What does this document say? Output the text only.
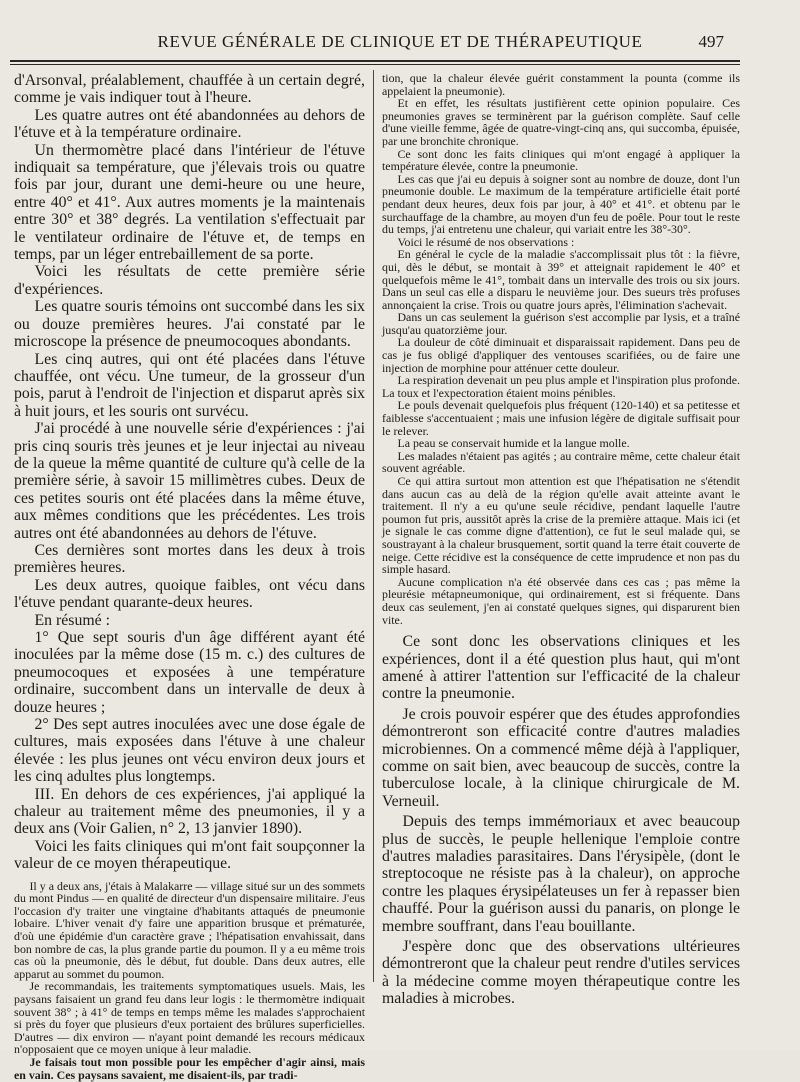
REVUE GÉNÉRALE DE CLINIQUE ET DE THÉRAPEUTIQUE	497

d'Arsonval, préalablement, chauffée à un certain degré, comme je vais indiquer tout à l'heure.

Les quatre autres ont été abandonnées au dehors de l'étuve et à la température ordinaire.

Un thermomètre placé dans l'intérieur de l'étuve indiquait sa température, que j'élevais trois ou quatre fois par jour, durant une demi-heure ou une heure, entre 40° et 41°. Aux autres moments je la maintenais entre 30° et 38° degrés. La ventilation s'effectuait par le ventilateur ordinaire de l'étuve et, de temps en temps, par un léger entrebaillement de sa porte.

Voici les résultats de cette première série d'expériences.

Les quatre souris témoins ont succombé dans les six ou douze premières heures. J'ai constaté par le microscope la présence de pneumocoques abondants.

Les cinq autres, qui ont été placées dans l'étuve chauffée, ont vécu. Une tumeur, de la grosseur d'un pois, parut à l'endroit de l'injection et disparut après six à huit jours, et les souris ont survécu.

J'ai procédé à une nouvelle série d'expériences : j'ai pris cinq souris très jeunes et je leur injectai au niveau de la queue la même quantité de culture qu'à celle de la première série, à savoir 15 millimètres cubes. Deux de ces petites souris ont été placées dans la même étuve, aux mêmes conditions que les précédentes. Les trois autres ont été abandonnées au dehors de l'étuve.

Ces dernières sont mortes dans les deux à trois premières heures.

Les deux autres, quoique faibles, ont vécu dans l'étuve pendant quarante-deux heures.

En résumé :

1° Que sept souris d'un âge différent ayant été inoculées par la même dose (15 m. c.) des cultures de pneumocoques et exposées à une température ordinaire, succombent dans un intervalle de deux à douze heures ;

2° Des sept autres inoculées avec une dose égale de cultures, mais exposées dans l'étuve à une chaleur élevée : les plus jeunes ont vécu environ deux jours et les cinq adultes plus longtemps.

III. En dehors de ces expériences, j'ai appliqué la chaleur au traitement même des pneumonies, il y a deux ans (Voir Galien, n° 2, 13 janvier 1890).

Voici les faits cliniques qui m'ont fait soupçonner la valeur de ce moyen thérapeutique.

Il y a deux ans, j'étais à Malakarre — village situé sur un des sommets du mont Pindus — en qualité de directeur d'un dispensaire militaire. J'eus l'occasion d'y traiter une vingtaine d'habitants attaqués de pneumonie lobaire. L'hiver venait d'y faire une apparition brusque et prématurée, d'où une épidémie d'un caractère grave ; l'hépatisation envahissait, dans bon nombre de cas, la plus grande partie du poumon. Il y a eu même trois cas où la pneumonie, dès le début, fut double. Dans deux autres, elle apparut au sommet du poumon.

Je recommandais, les traitements symptomatiques usuels. Mais, les paysans faisaient un grand feu dans leur logis : le thermomètre indiquait souvent 38° ; à 41° de temps en temps même les malades s'approchaient si près du foyer que plusieurs d'eux portaient des brûlures superficielles. D'autres — dix environ — n'ayant point demandé les recours médicaux n'opposaient que ce moyen unique à leur maladie.

Je faisais tout mon possible pour les empêcher d'agir ainsi, mais en vain. Ces paysans savaient, me disaient-ils, par tradi-

tion, que la chaleur élevée guérit constamment la pounta (comme ils appelaient la pneumonie).

Et en effet, les résultats justifièrent cette opinion populaire. Ces pneumonies graves se terminèrent par la guérison complète. Sauf celle d'une vieille femme, âgée de quatre-vingt-cinq ans, qui succomba, épuisée, par une bronchite chronique.

Ce sont donc les faits cliniques qui m'ont engagé à appliquer la température élevée, contre la pneumonie.

Les cas que j'ai eu depuis à soigner sont au nombre de douze, dont l'un pneumonie double. Le maximum de la température artificielle était porté pendant deux heures, deux fois par jour, à 40° et 41°. et obtenu par le surchauffage de la chambre, au moyen d'un feu de poêle. Pour tout le reste du temps, j'ai entretenu une chaleur, qui variait entre les 38°-30°.

Voici le résumé de nos observations :

En général le cycle de la maladie s'accomplissait plus tôt : la fièvre, qui, dès le début, se montait à 39° et atteignait rapidement le 40° et quelquefois même le 41°, tombait dans un intervalle des trois ou six jours. Dans un seul cas elle a disparu le neuvième jour. Des sueurs très profuses annonçaient la crise. Trois ou quatre jours après, l'élimination s'achevait.

Dans un cas seulement la guérison s'est accomplie par lysis, et a traîné jusqu'au quatorzième jour.

La douleur de côté diminuait et disparaissait rapidement. Dans peu de cas je fus obligé d'appliquer des ventouses scarifiées, ou de faire une injection de morphine pour atténuer cette douleur.

La respiration devenait un peu plus ample et l'inspiration plus profonde. La toux et l'expectoration étaient moins pénibles.

Le pouls devenait quelquefois plus fréquent (120-140) et sa petitesse et faiblesse s'accentuaient ; mais une infusion légère de digitale suffisait pour le relever.

La peau se conservait humide et la langue molle.

Les malades n'étaient pas agités ; au contraire même, cette chaleur était souvent agréable.

Ce qui attira surtout mon attention est que l'hépatisation ne s'étendit dans aucun cas au delà de la région qu'elle avait atteinte avant le traitement. Il n'y a eu qu'une seule récidive, pendant laquelle l'autre poumon fut pris, aussitôt après la crise de la première attaque. Mais ici (et je signale le cas comme digne d'attention), ce fut le seul malade qui, se soustrayant à la chaleur brusquement, sortit quand la terre était couverte de neige. Cette récidive est la conséquence de cette imprudence et non pas du simple hasard.

Aucune complication n'a été observée dans ces cas ; pas même la pleurésie métapneumonique, qui ordinairement, est si fréquente. Dans deux cas seulement, j'en ai constaté quelques signes, qui disparurent bien vite.

Ce sont donc les observations cliniques et les expériences, dont il a été question plus haut, qui m'ont amené à attirer l'attention sur l'efficacité de la chaleur contre la pneumonie.

Je crois pouvoir espérer que des études approfondies démontreront son efficacité contre d'autres maladies microbiennes. On a commencé même déjà à l'appliquer, comme on sait bien, avec beaucoup de succès, contre la tuberculose locale, à la clinique chirurgicale de M. Verneuil.

Depuis des temps immémoriaux et avec beaucoup plus de succès, le peuple hellenique l'emploie contre d'autres maladies parasitaires. Dans l'érysipèle, (dont le streptocoque ne résiste pas à la chaleur), on approche contre les plaques érysipélateuses un fer à repasser bien chauffé. Pour la guérison aussi du panaris, on plonge le membre souffrant, dans l'eau bouillante.

J'espère donc que des observations ultérieures démontreront que la chaleur peut rendre d'utiles services à la médecine comme moyen thérapeutique contre les maladies à microbes.
